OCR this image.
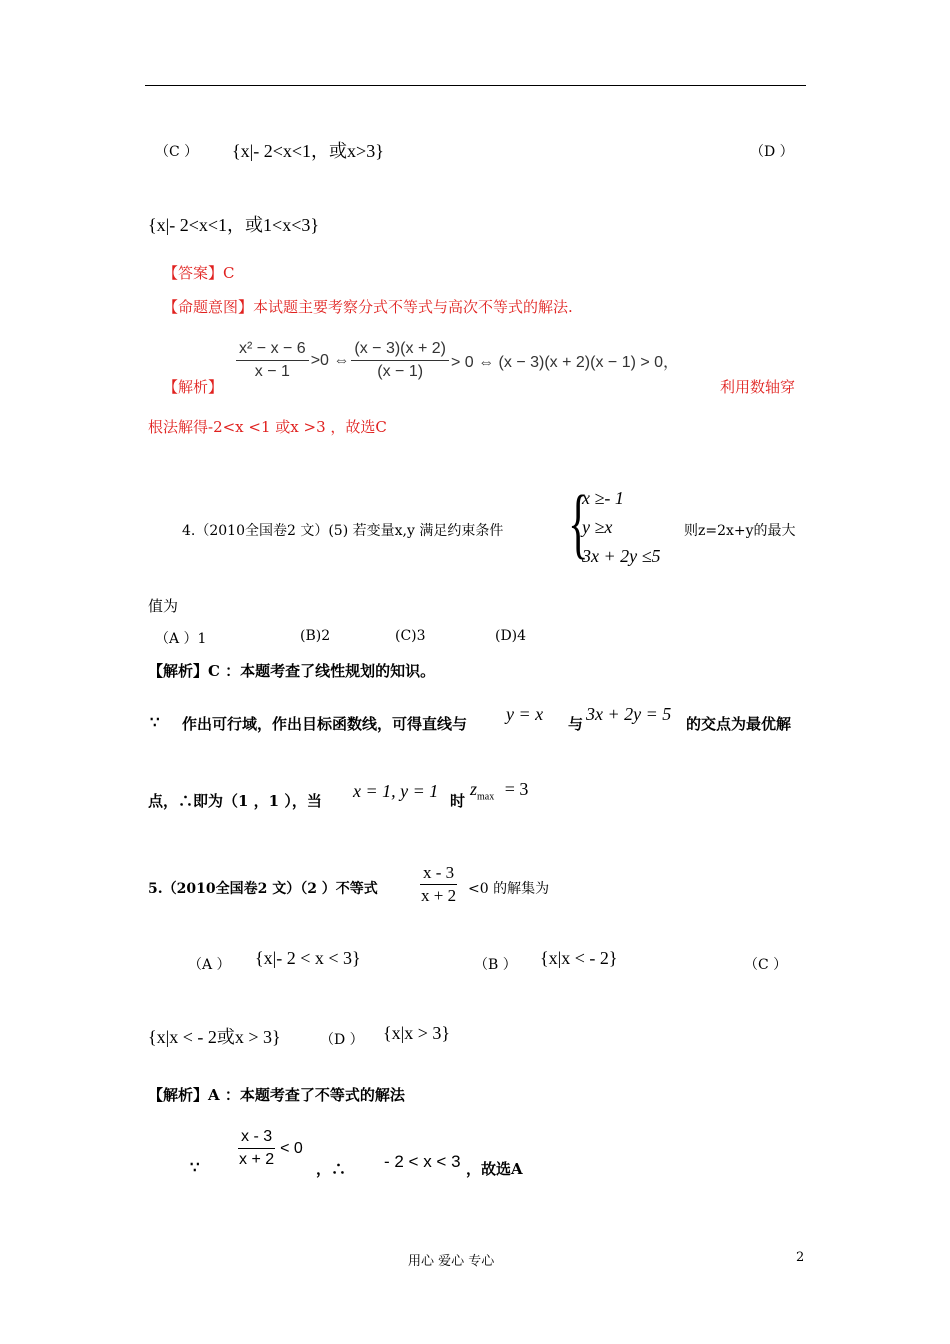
（C ） {x|- 2<x<1，或x>3}	（D ）
{x|- 2<x<1，或1<x<3}
【答案】C
【命题意图】本试题主要考察分式不等式与高次不等式的解法.
【解析】
$\frac{\text{x² − x − 6}}{x - 1} >0$ ⇔ $\frac{(x - 3)(x + 2)}{(x - 1)} > 0$ ⇔ (x − 3)(x + 2)(x − 1) > 0，
利用数轴穿
根法解得-2<x <1 或x >3 ，故选C
4.（2010全国卷2 文）(5) 若变量x,y 满足约束条件 {
x ≥- 1
y ≥x
3x + 2y ≤5
则z=2x+y的最大
值为
（A ）1	(B)2	(C)3	(D)4
【解析】C ：本题考查了线性规划的知识。
∵ 作出可行域，作出目标函数线，可得直线与 y = x 与 3x + 2y = 5 的交点为最优解
点，∴即为（1 ，1 ），当 x = 1, y = 1 时
$z_{max} = 3$
5.（2010全国卷2 文）（2 ）不等式 $\frac{x - 3}{x + 2} <0$ 的解集为
（A ） {x|- 2 < x < 3}	（B ） {x|x < - 2}	（C ）
{x|x < - 2或x > 3}	（D ） {x|x > 3}
【解析】A ：本题考查了不等式的解法
∵ $\frac{x - 3}{x + 2} < 0$
，∴ - 2 < x < 3 ，故选A
用心 爱心 专心	2
